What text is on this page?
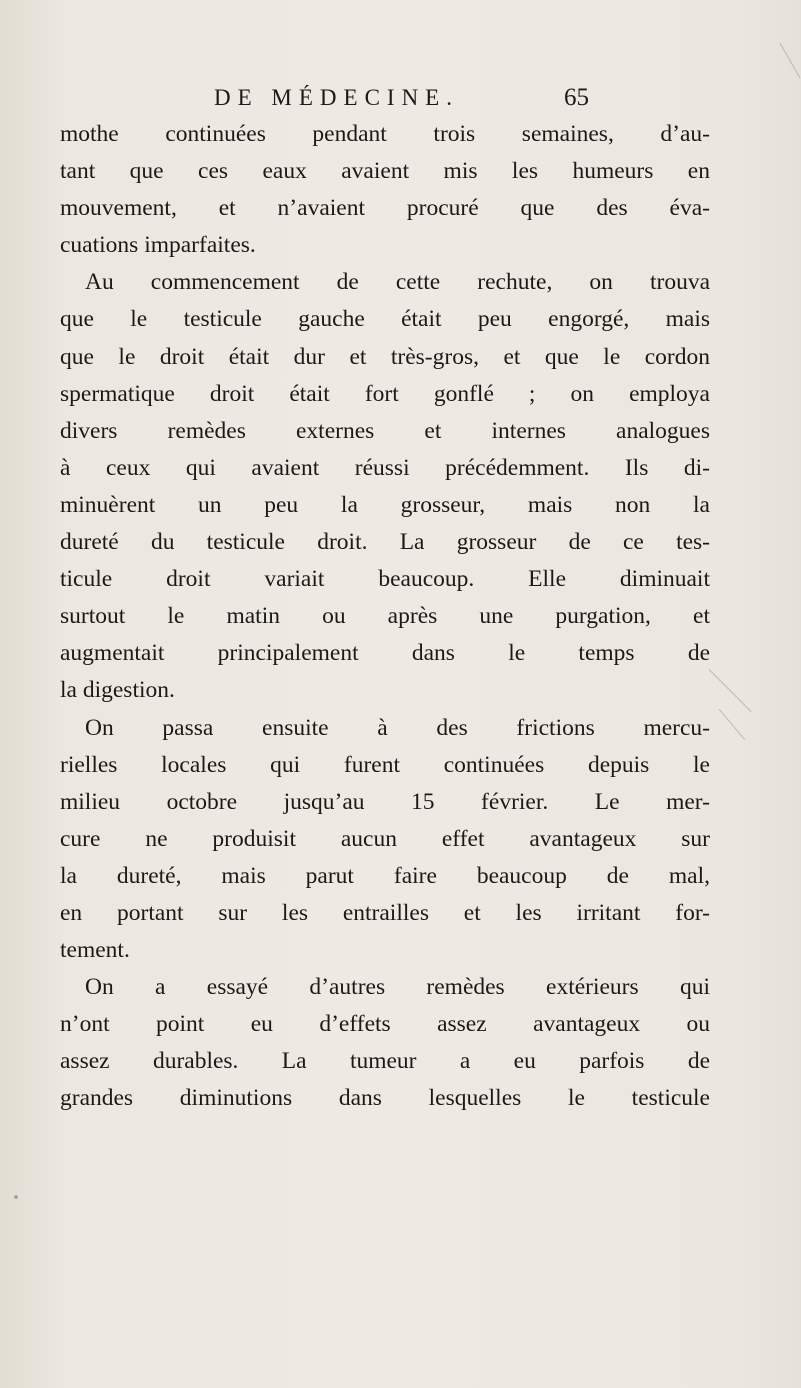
DE MÉDECINE.	65
mothe continuées pendant trois semaines, d’au-
tant que ces eaux avaient mis les humeurs en
mouvement, et n’avaient procuré que des éva-
cuations imparfaites.
Au commencement de cette rechute, on trouva
que le testicule gauche était peu engorgé, mais
que le droit était dur et très-gros, et que le cordon
spermatique droit était fort gonflé ; on employa
divers remèdes externes et internes analogues
à ceux qui avaient réussi précédemment. Ils di-
minuèrent un peu la grosseur, mais non la
dureté du testicule droit. La grosseur de ce tes-
ticule droit variait beaucoup. Elle diminuait
surtout le matin ou après une purgation, et
augmentait principalement dans le temps de
la digestion.
On passa ensuite à des frictions mercu-
rielles locales qui furent continuées depuis le
milieu octobre jusqu’au 15 février. Le mer-
cure ne produisit aucun effet avantageux sur
la dureté, mais parut faire beaucoup de mal,
en portant sur les entrailles et les irritant for-
tement.
On a essayé d’autres remèdes extérieurs qui
n’ont point eu d’effets assez avantageux ou
assez durables. La tumeur a eu parfois de
grandes diminutions dans lesquelles le testicule
